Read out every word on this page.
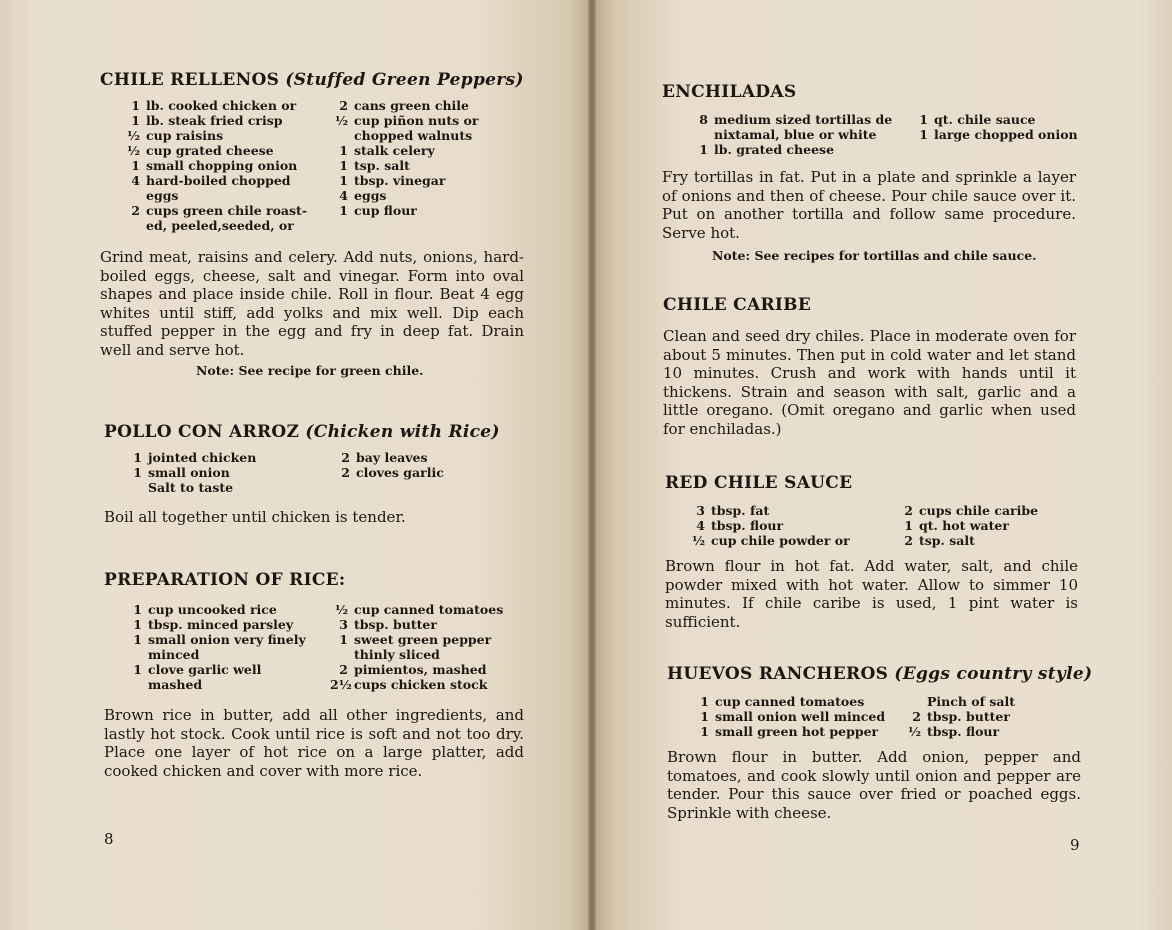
CHILE RELLENOS (Stuffed Green Peppers)
1 lb. cooked chicken or
1 lb. steak fried crisp
½ cup raisins
½ cup grated cheese
1 small chopping onion
4 hard-boiled chopped
eggs
2 cups green chile roast-
ed, peeled,seeded, or
2 cans green chile
½ cup piñon nuts or
chopped walnuts
1 stalk celery
1 tsp. salt
1 tbsp. vinegar
4 eggs
1 cup flour

Grind meat, raisins and celery. Add nuts, onions, hard-boiled eggs, cheese, salt and vinegar. Form into oval shapes and place inside chile. Roll in flour. Beat 4 egg whites until stiff, add yolks and mix well. Dip each stuffed pepper in the egg and fry in deep fat. Drain well and serve hot.

Note: See recipe for green chile.

POLLO CON ARROZ (Chicken with Rice)
1 jointed chicken
1 small onion
Salt to taste
2 bay leaves
2 cloves garlic

Boil all together until chicken is tender.

PREPARATION OF RICE:
1 cup uncooked rice
1 tbsp. minced parsley
1 small onion very finely
minced
1 clove garlic well
mashed
½ cup canned tomatoes
3 tbsp. butter
1 sweet green pepper
thinly sliced
2 pimientos, mashed
2½ cups chicken stock

Brown rice in butter, add all other ingredients, and lastly hot stock. Cook until rice is soft and not too dry. Place one layer of hot rice on a large platter, add cooked chicken and cover with more rice.

8
ENCHILADAS
8 medium sized tortillas de
nixtamal, blue or white
1 lb. grated cheese
1 qt. chile sauce
1 large chopped onion

Fry tortillas in fat. Put in a plate and sprinkle a layer of onions and then of cheese. Pour chile sauce over it. Put on another tortilla and follow same procedure. Serve hot.

Note: See recipes for tortillas and chile sauce.

CHILE CARIBE

Clean and seed dry chiles. Place in moderate oven for about 5 minutes. Then put in cold water and let stand 10 minutes. Crush and work with hands until it thickens. Strain and season with salt, garlic and a little oregano. (Omit oregano and garlic when used for enchiladas.)

RED CHILE SAUCE
3 tbsp. fat
4 tbsp. flour
½ cup chile powder or
2 cups chile caribe
1 qt. hot water
2 tsp. salt

Brown flour in hot fat. Add water, salt, and chile powder mixed with hot water. Allow to simmer 10 minutes. If chile caribe is used, 1 pint water is sufficient.

HUEVOS RANCHEROS (Eggs country style)
1 cup canned tomatoes
1 small onion well minced
1 small green hot pepper
Pinch of salt
2 tbsp. butter
½ tbsp. flour

Brown flour in butter. Add onion, pepper and tomatoes, and cook slowly until onion and pepper are tender. Pour this sauce over fried or poached eggs. Sprinkle with cheese.

9
